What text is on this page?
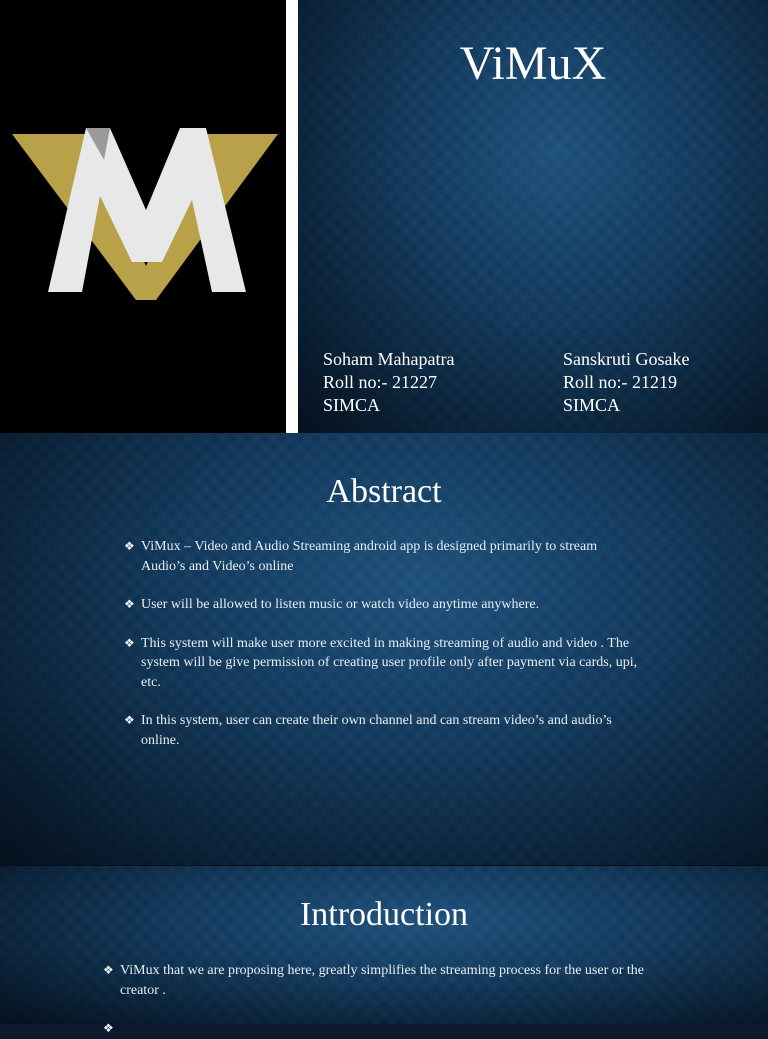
ViMuX
Soham Mahapatra
Roll no:- 21227
SIMCA
Sanskruti Gosake
Roll no:- 21219
SIMCA
Abstract
❖ ViMux – Video and Audio Streaming android app is designed primarily to stream Audio’s and Video’s online
❖ User will be allowed to listen music or watch video anytime anywhere.
❖ This system will make user more excited in making streaming of audio and video . The system will be give permission of creating user profile only after payment via cards, upi, etc.
❖ In this system, user can create their own channel and can stream video’s and audio’s online.
Introduction
❖ ViMux that we are proposing here, greatly simplifies the streaming process for the user or the creator .
❖
